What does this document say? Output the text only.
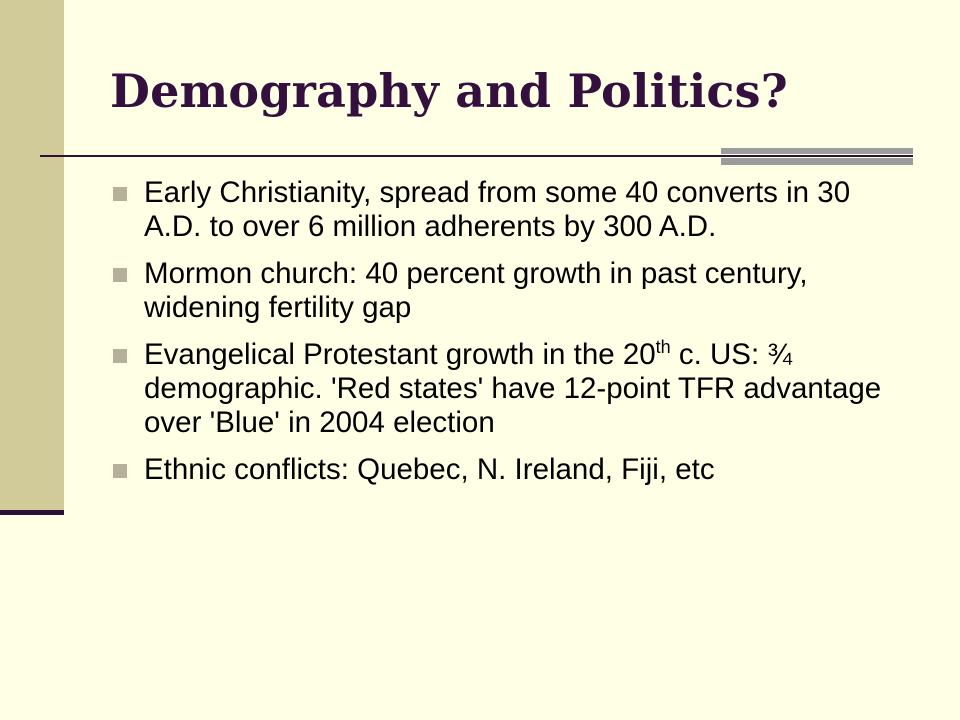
Demography and Politics?
Early Christianity, spread from some 40 converts in 30 A.D. to over 6 million adherents by 300 A.D.
Mormon church: 40 percent growth in past century, widening fertility gap
Evangelical Protestant growth in the 20th c. US: ¾ demographic. 'Red states' have 12-point TFR advantage over 'Blue' in 2004 election
Ethnic conflicts: Quebec, N. Ireland, Fiji, etc
